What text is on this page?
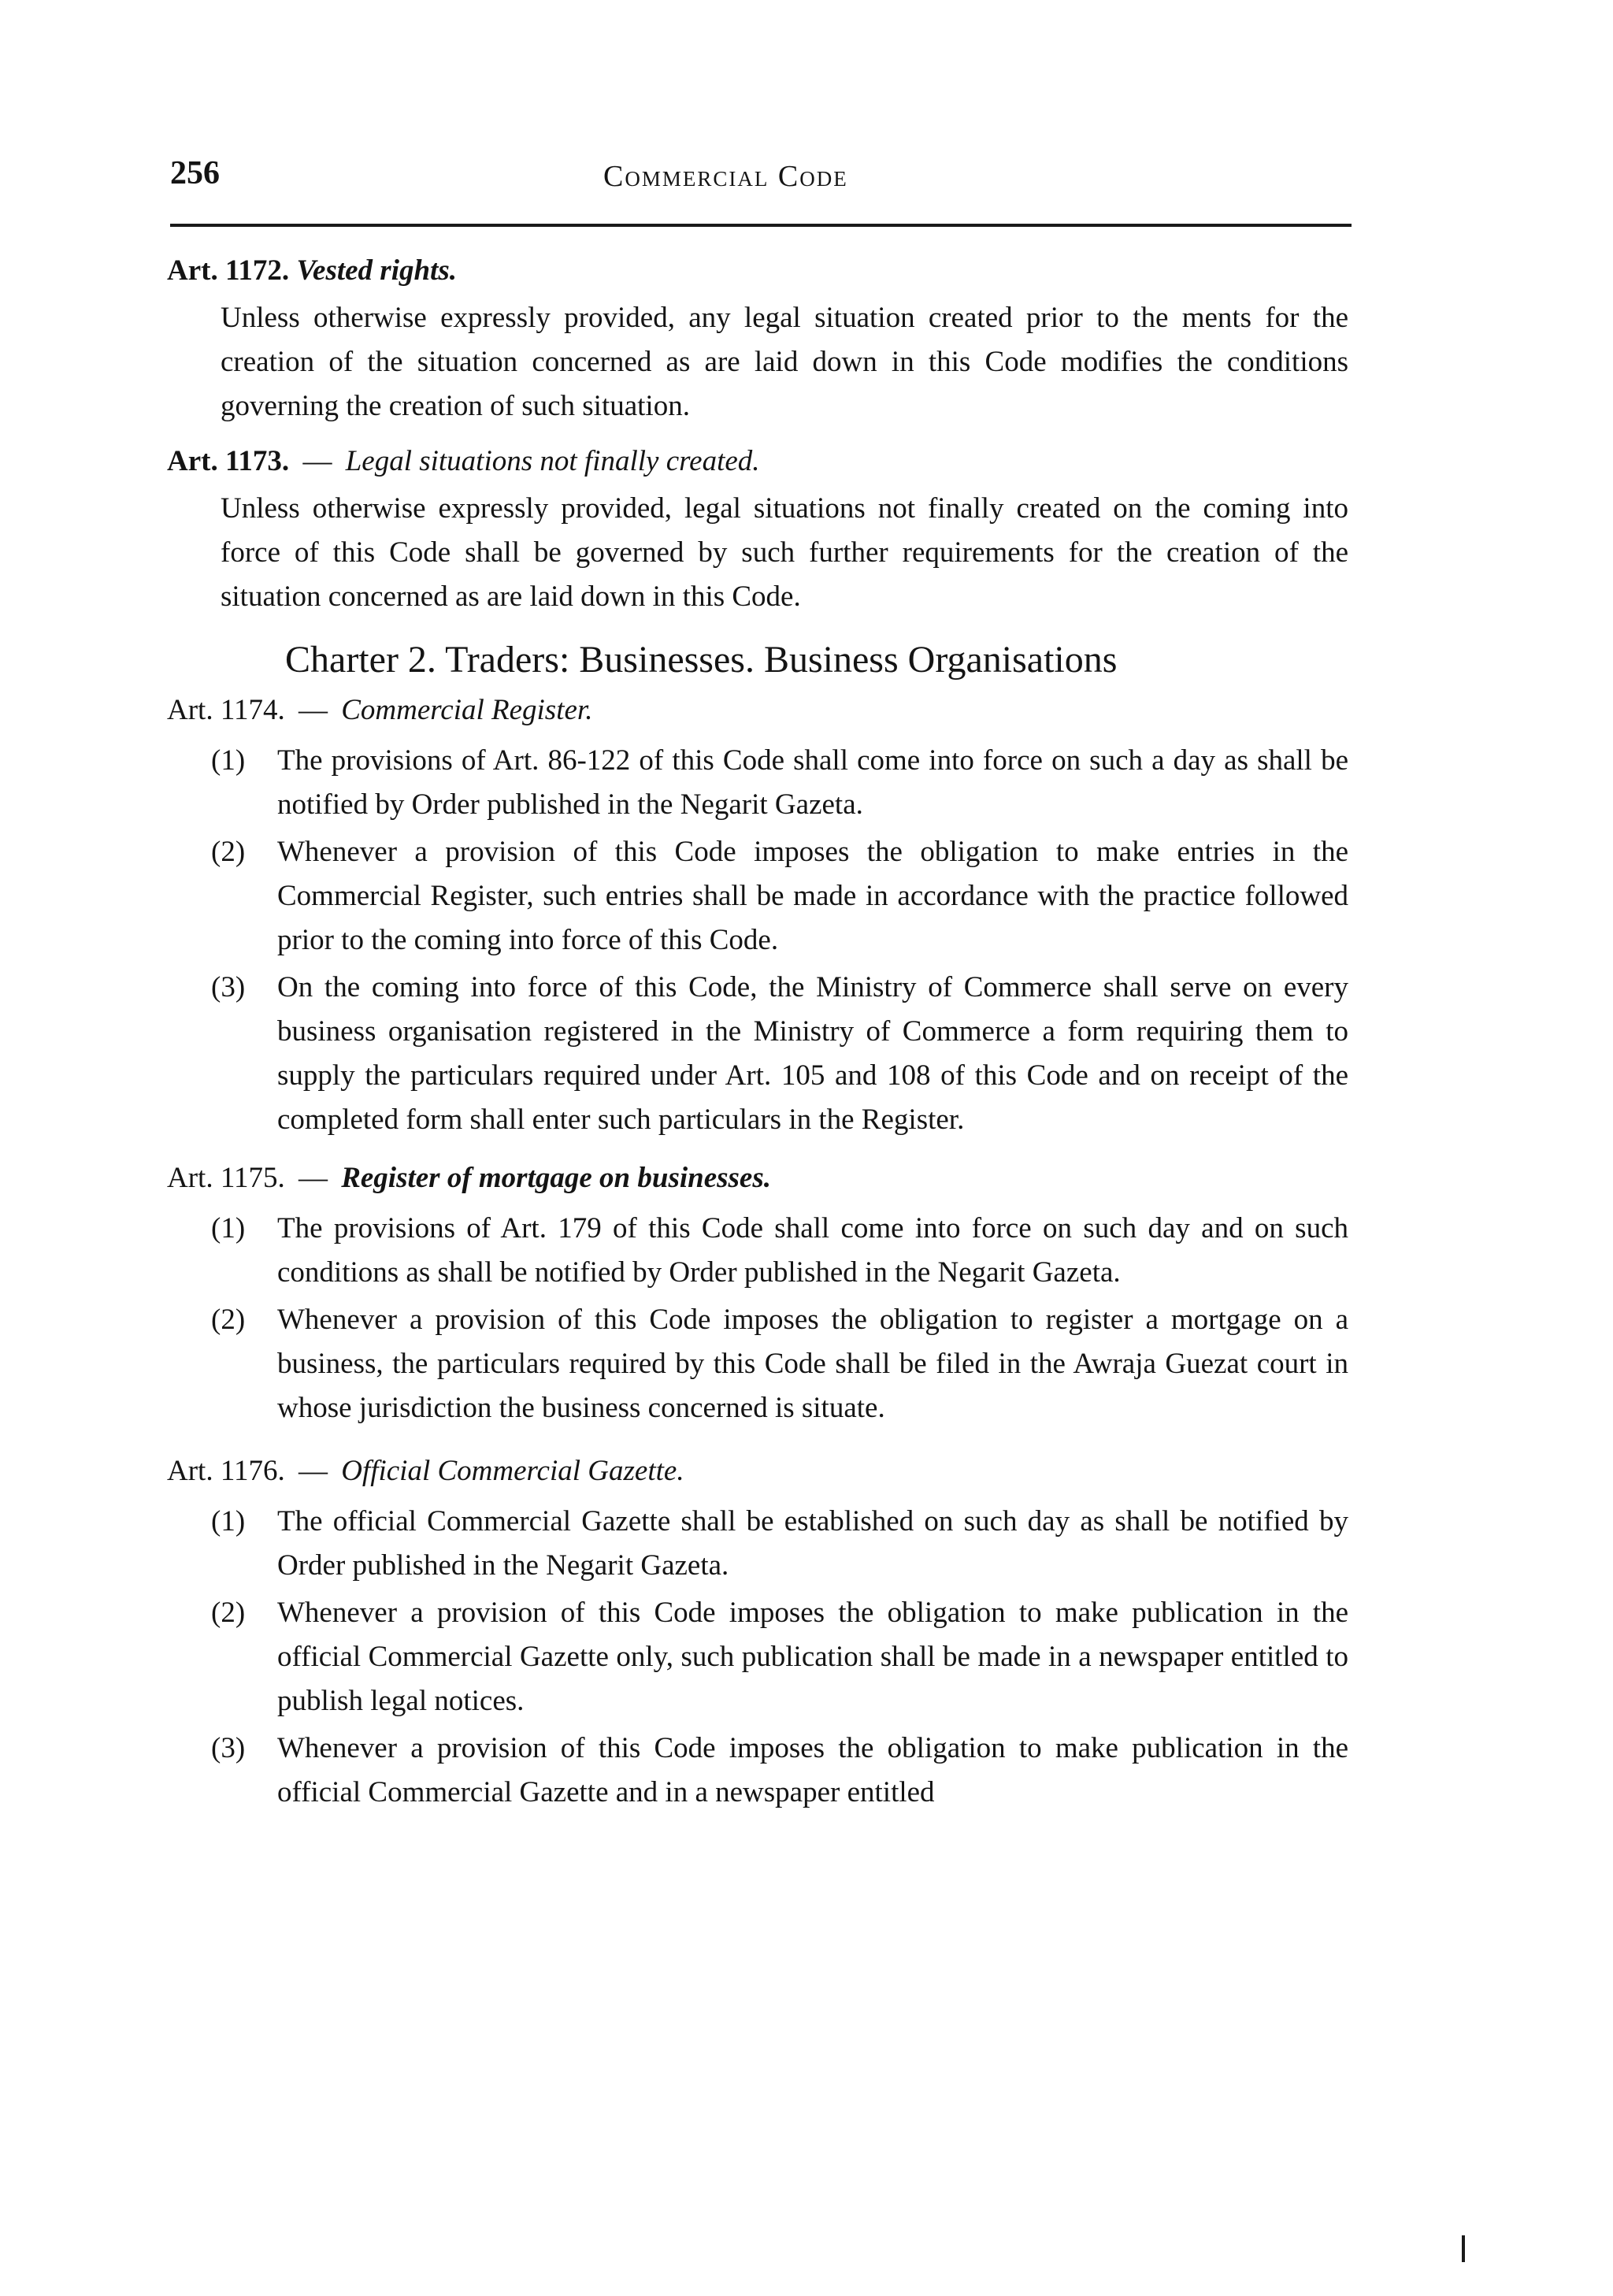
256	Commercial Code

Art. 1172. Vested rights.

Unless otherwise expressly provided, any legal situation created prior to the ments for the creation of the situation concerned as are laid down in this Code modifies the conditions governing the creation of such situation.

Art. 1173. — Legal situations not finally created.

Unless otherwise expressly provided, legal situations not finally created on the coming into force of this Code shall be governed by such further requirements for the creation of the situation concerned as are laid down in this Code.

Charter 2. Traders: Businesses. Business Organisations

Art. 1174. — Commercial Register.

(1) The provisions of Art. 86-122 of this Code shall come into force on such a day as shall be notified by Order published in the Negarit Gazeta.
(2) Whenever a provision of this Code imposes the obligation to make entries in the Commercial Register, such entries shall be made in accordance with the practice followed prior to the coming into force of this Code.
(3) On the coming into force of this Code, the Ministry of Commerce shall serve on every business organisation registered in the Ministry of Commerce a form requiring them to supply the particulars required under Art. 105 and 108 of this Code and on receipt of the completed form shall enter such particulars in the Register.

Art. 1175. — Register of mortgage on businesses.

(1) The provisions of Art. 179 of this Code shall come into force on such day and on such conditions as shall be notified by Order published in the Negarit Gazeta.
(2) Whenever a provision of this Code imposes the obligation to register a mortgage on a business, the particulars required by this Code shall be filed in the Awraja Guezat court in whose jurisdiction the business concerned is situate.

Art. 1176. — Official Commercial Gazette.

(1) The official Commercial Gazette shall be established on such day as shall be notified by Order published in the Negarit Gazeta.
(2) Whenever a provision of this Code imposes the obligation to make publication in the official Commercial Gazette only, such publication shall be made in a newspaper entitled to publish legal notices.
(3) Whenever a provision of this Code imposes the obligation to make publication in the official Commercial Gazette and in a newspaper entitled
